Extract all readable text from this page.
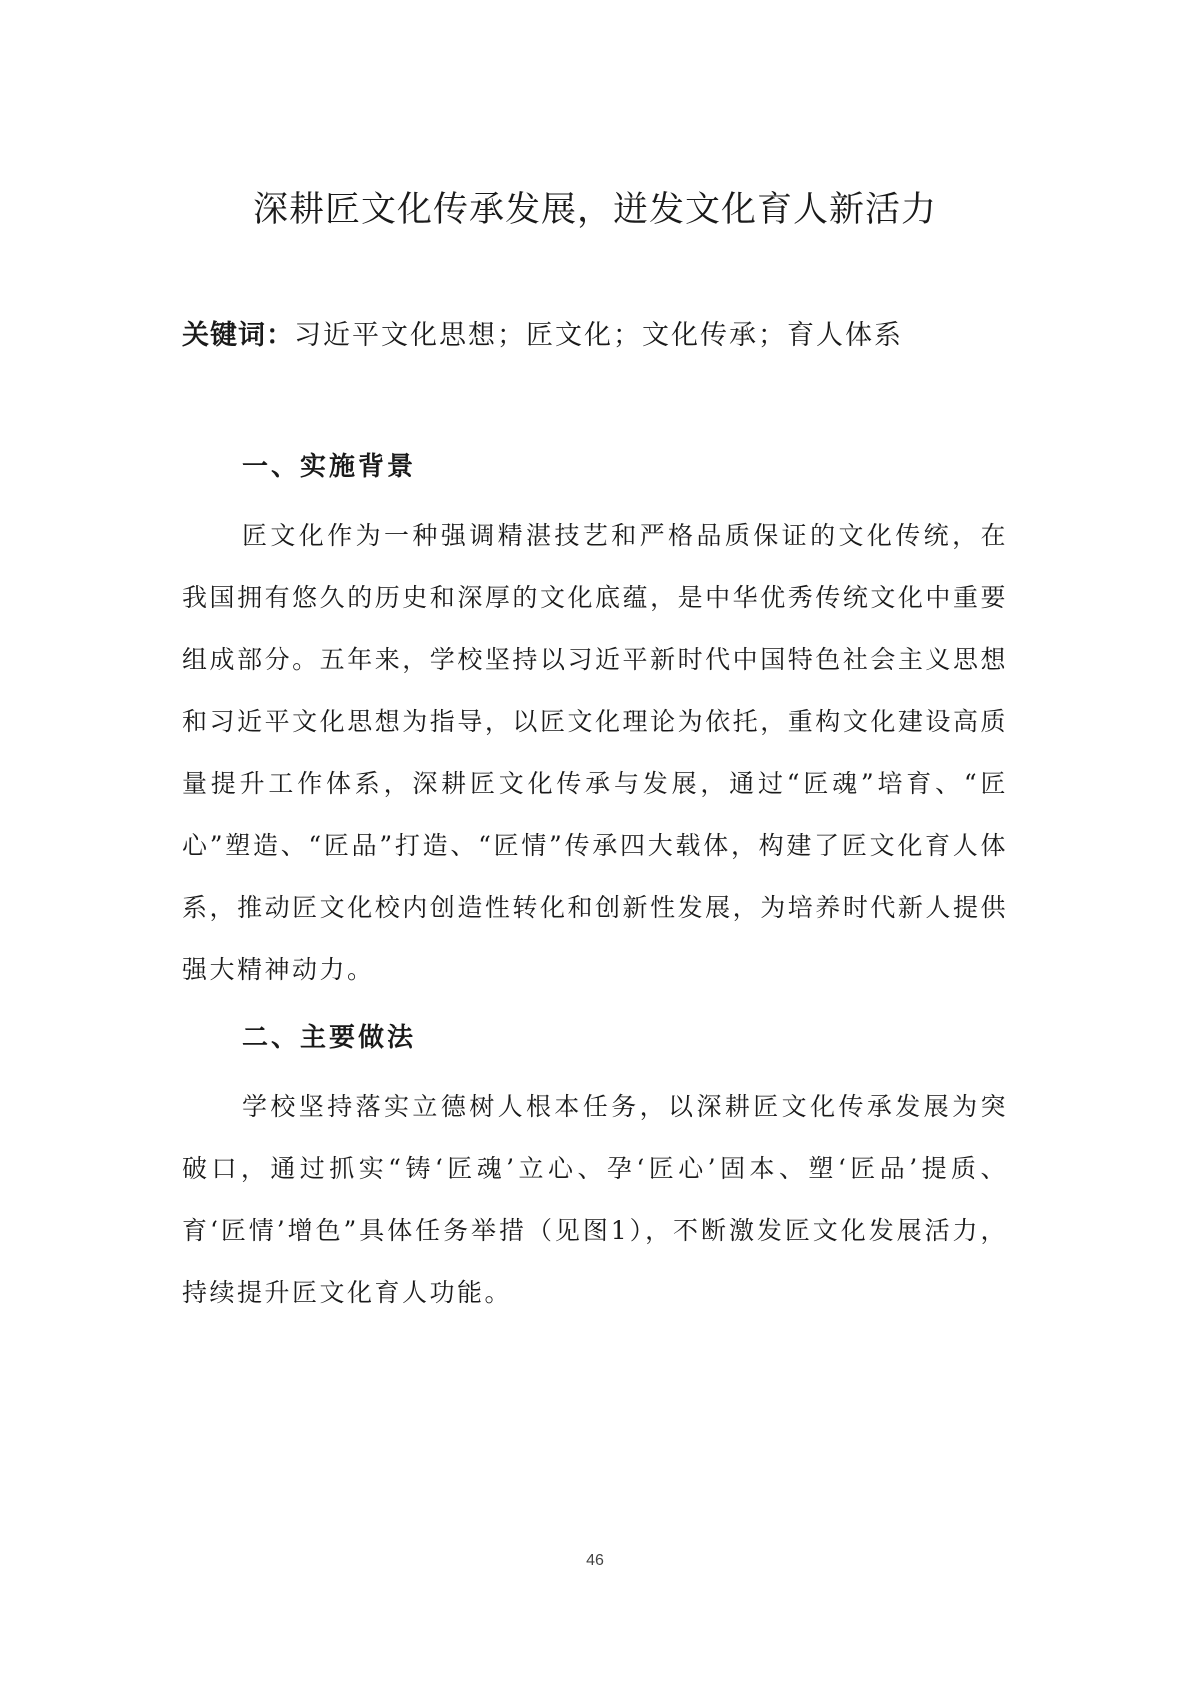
深耕匠文化传承发展，迸发文化育人新活力
关键词：习近平文化思想；匠文化；文化传承；育人体系
一、实施背景

匠文化作为一种强调精湛技艺和严格品质保证的文化传统，在我国拥有悠久的历史和深厚的文化底蕴，是中华优秀传统文化中重要组成部分。五年来，学校坚持以习近平新时代中国特色社会主义思想和习近平文化思想为指导，以匠文化理论为依托，重构文化建设高质量提升工作体系，深耕匠文化传承与发展，通过“匠魂”培育、“匠心”塑造、“匠品”打造、“匠情”传承四大载体，构建了匠文化育人体系，推动匠文化校内创造性转化和创新性发展，为培养时代新人提供强大精神动力。

二、主要做法

学校坚持落实立德树人根本任务，以深耕匠文化传承发展为突破口，通过抓实“铸‘匠魂’立心、孕‘匠心’固本、塑‘匠品’提质、育‘匠情’增色”具体任务举措（见图1），不断激发匠文化发展活力，持续提升匠文化育人功能。

46
